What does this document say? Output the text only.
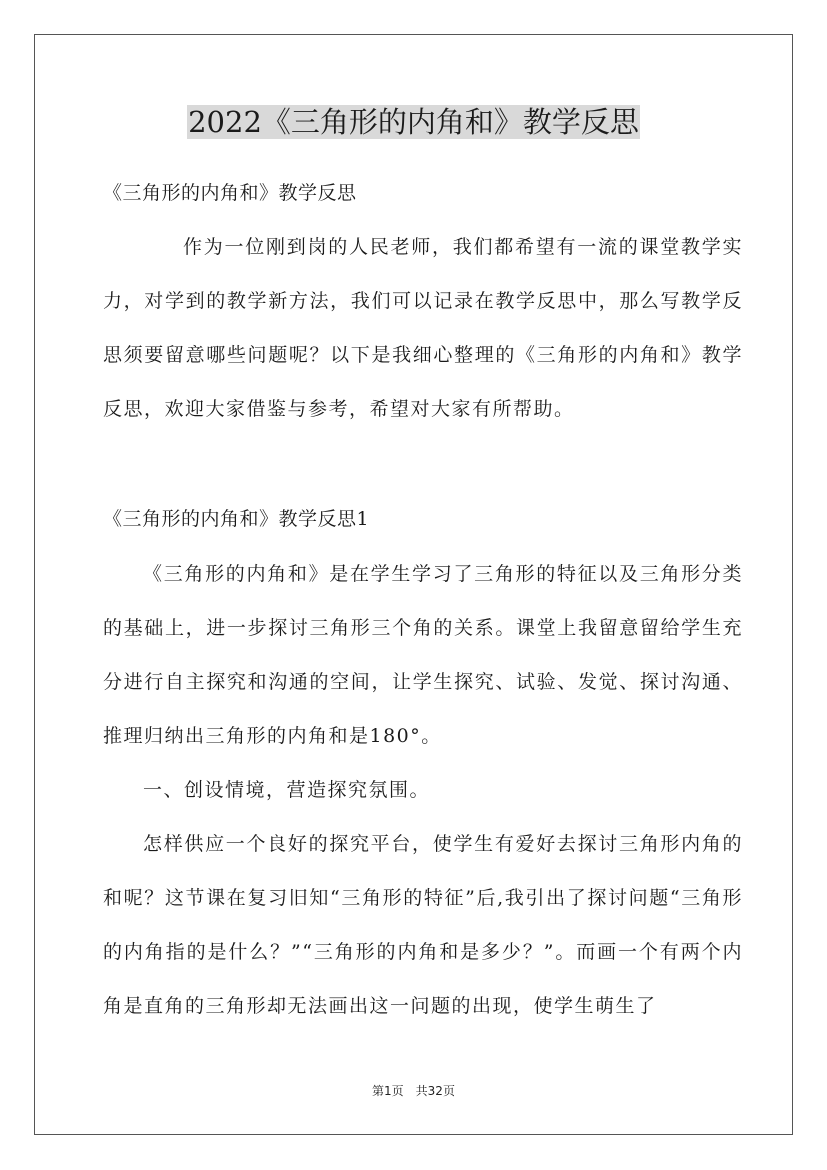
2022《三角形的内角和》教学反思

《三角形的内角和》教学反思

作为一位刚到岗的人民老师，我们都希望有一流的课堂教学实力，对学到的教学新方法，我们可以记录在教学反思中，那么写教学反思须要留意哪些问题呢？以下是我细心整理的《三角形的内角和》教学反思，欢迎大家借鉴与参考，希望对大家有所帮助。

《三角形的内角和》教学反思1

《三角形的内角和》是在学生学习了三角形的特征以及三角形分类的基础上，进一步探讨三角形三个角的关系。课堂上我留意留给学生充分进行自主探究和沟通的空间，让学生探究、试验、发觉、探讨沟通、推理归纳出三角形的内角和是180°。

一、创设情境，营造探究氛围。

怎样供应一个良好的探究平台，使学生有爱好去探讨三角形内角的和呢？这节课在复习旧知“三角形的特征”后,我引出了探讨问题“三角形的内角指的是什么？”“三角形的内角和是多少？”。而画一个有两个内角是直角的三角形却无法画出这一问题的出现，使学生萌生了

第1页 共32页
